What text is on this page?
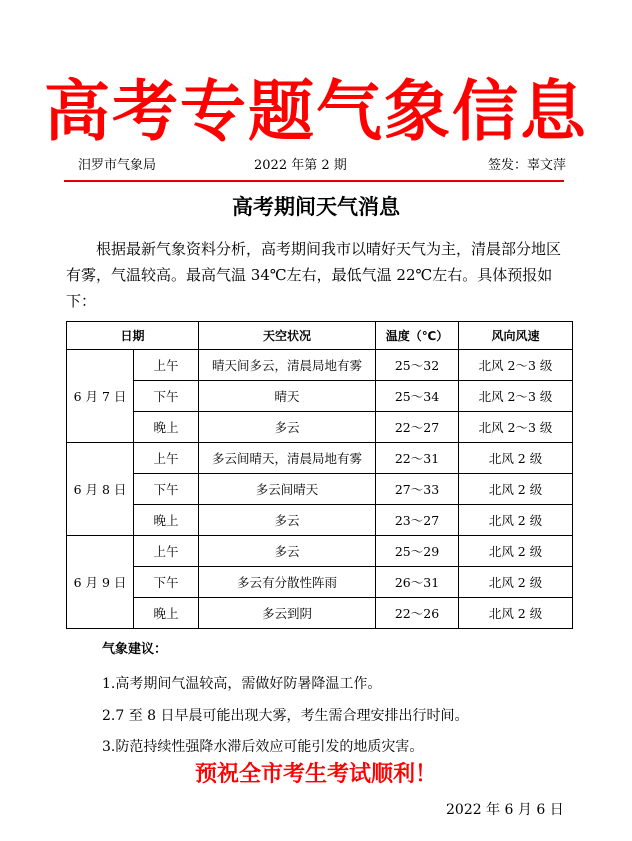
高考专题气象信息
汨罗市气象局	2022 年第 2 期	签发：辜文萍
高考期间天气消息

根据最新气象资料分析，高考期间我市以晴好天气为主，清晨部分地区有雾，气温较高。最高气温 34℃左右，最低气温 22℃左右。具体预报如下：

日期		天空状况	温度（℃）	风向风速
6 月 7 日	上午	晴天间多云，清晨局地有雾	25～32	北风 2～3 级
	下午	晴天	25～34	北风 2～3 级
	晚上	多云	22～27	北风 2～3 级
6 月 8 日	上午	多云间晴天，清晨局地有雾	22～31	北风 2 级
	下午	多云间晴天	27～33	北风 2 级
	晚上	多云	23～27	北风 2 级
6 月 9 日	上午	多云	25～29	北风 2 级
	下午	多云有分散性阵雨	26～31	北风 2 级
	晚上	多云到阴	22～26	北风 2 级
气象建议：
1.高考期间气温较高，需做好防暑降温工作。
2.7 至 8 日早晨可能出现大雾，考生需合理安排出行时间。
3.防范持续性强降水滞后效应可能引发的地质灾害。
预祝全市考生考试顺利！
2022 年 6 月 6 日
